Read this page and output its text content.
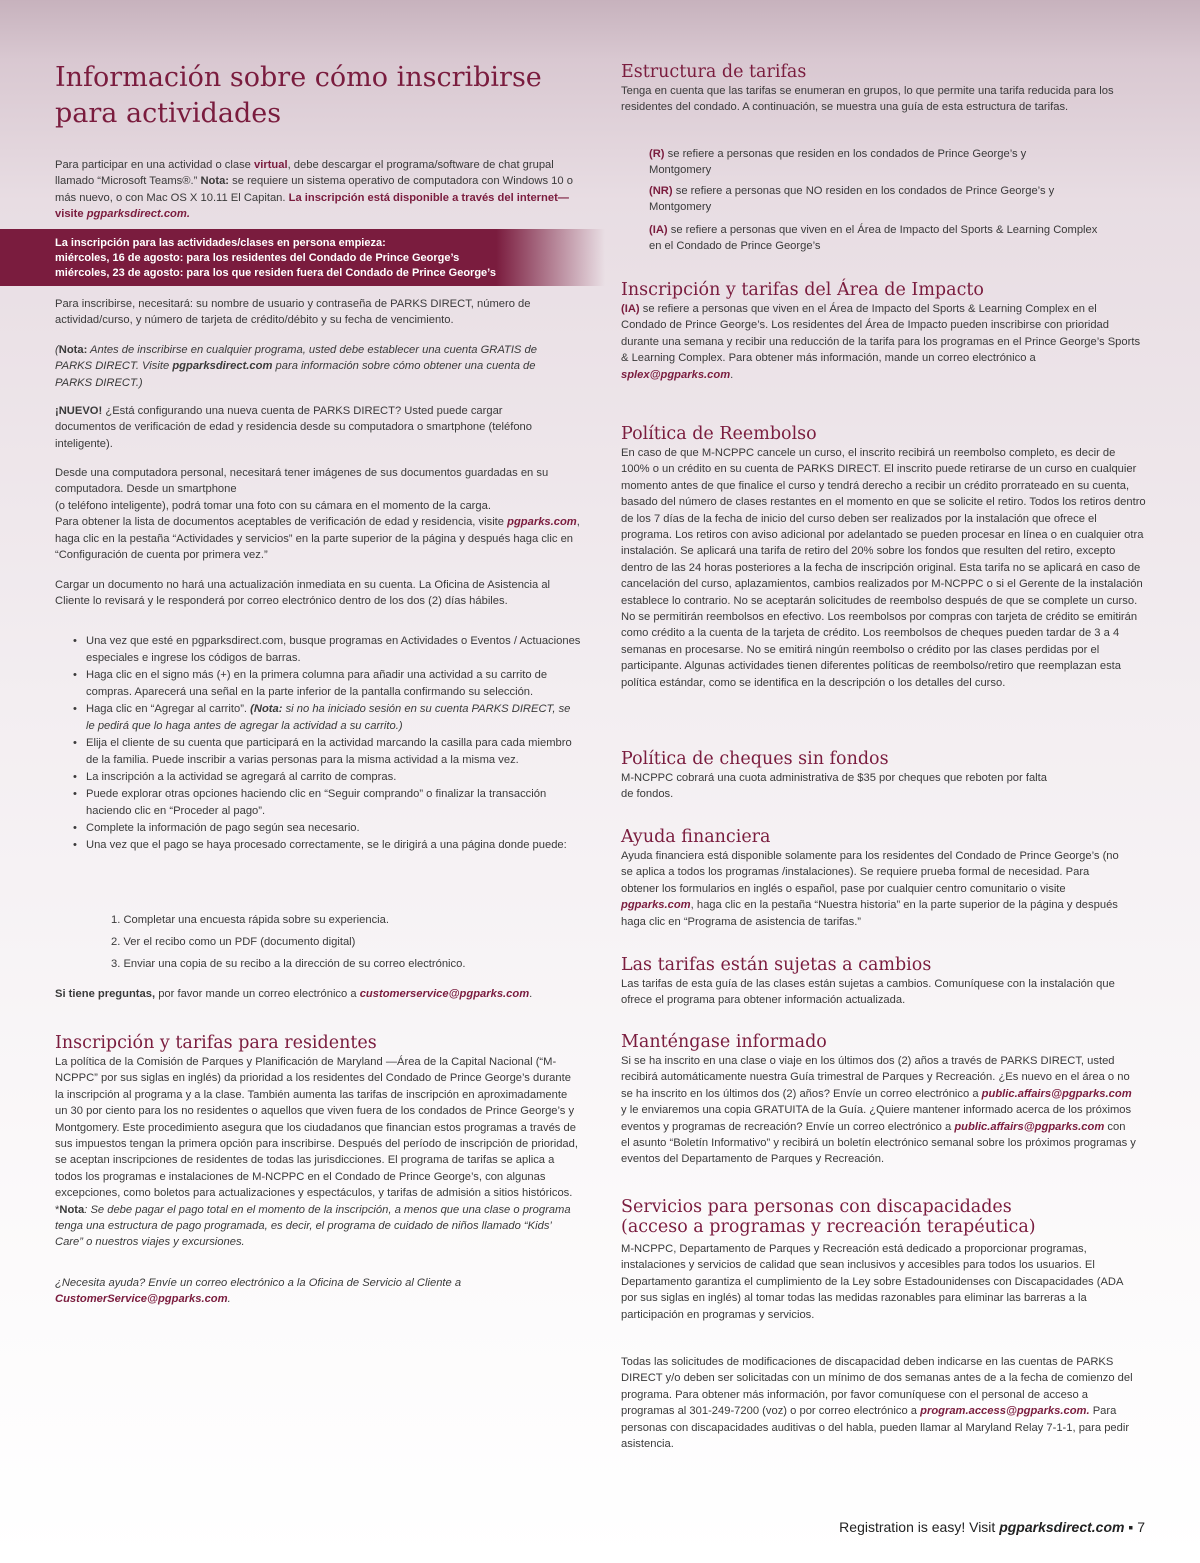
Información sobre cómo inscribirse para actividades

Para participar en una actividad o clase virtual, debe descargar el programa/software de chat grupal llamado “Microsoft Teams®.” Nota: se requiere un sistema operativo de computadora con Windows 10 o más nuevo, o con Mac OS X 10.11 El Capitan. La inscripción está disponible a través del internet—visite pgparksdirect.com.

La inscripción para las actividades/clases en persona empieza:
miércoles, 16 de agosto: para los residentes del Condado de Prince George’s
miércoles, 23 de agosto: para los que residen fuera del Condado de Prince George’s

Para inscribirse, necesitará: su nombre de usuario y contraseña de PARKS DIRECT, número de actividad/curso, y número de tarjeta de crédito/débito y su fecha de vencimiento.

(Nota: Antes de inscribirse en cualquier programa, usted debe establecer una cuenta GRATIS de PARKS DIRECT. Visite pgparksdirect.com para información sobre cómo obtener una cuenta de PARKS DIRECT.)

¡NUEVO! ¿Está configurando una nueva cuenta de PARKS DIRECT? Usted puede cargar documentos de verificación de edad y residencia desde su computadora o smartphone (teléfono inteligente).

Desde una computadora personal, necesitará tener imágenes de sus documentos guardadas en su computadora. Desde un smartphone
(o teléfono inteligente), podrá tomar una foto con su cámara en el momento de la carga.
Para obtener la lista de documentos aceptables de verificación de edad y residencia, visite pgparks.com, haga clic en la pestaña “Actividades y servicios” en la parte superior de la página y después haga clic en “Configuración de cuenta por primera vez.”

Cargar un documento no hará una actualización inmediata en su cuenta. La Oficina de Asistencia al Cliente lo revisará y le responderá por correo electrónico dentro de los dos (2) días hábiles.

• Una vez que esté en pgparksdirect.com, busque programas en Actividades o Eventos / Actuaciones especiales e ingrese los códigos de barras.
• Haga clic en el signo más (+) en la primera columna para añadir una actividad a su carrito de compras. Aparecerá una señal en la parte inferior de la pantalla confirmando su selección.
• Haga clic en “Agregar al carrito”. (Nota: si no ha iniciado sesión en su cuenta PARKS DIRECT, se le pedirá que lo haga antes de agregar la actividad a su carrito.)
• Elija el cliente de su cuenta que participará en la actividad marcando la casilla para cada miembro de la familia. Puede inscribir a varias personas para la misma actividad a la misma vez.
• La inscripción a la actividad se agregará al carrito de compras.
• Puede explorar otras opciones haciendo clic en “Seguir comprando” o finalizar la transacción haciendo clic en “Proceder al pago”.
• Complete la información de pago según sea necesario.
• Una vez que el pago se haya procesado correctamente, se le dirigirá a una página donde puede:
1. Completar una encuesta rápida sobre su experiencia.
2. Ver el recibo como un PDF (documento digital)
3. Enviar una copia de su recibo a la dirección de su correo electrónico.

Si tiene preguntas, por favor mande un correo electrónico a customerservice@pgparks.com.

Inscripción y tarifas para residentes

La política de la Comisión de Parques y Planificación de Maryland —Área de la Capital Nacional (“M-NCPPC” por sus siglas en inglés) da prioridad a los residentes del Condado de Prince George’s durante la inscripción al programa y a la clase. También aumenta las tarifas de inscripción en aproximadamente un 30 por ciento para los no residentes o aquellos que viven fuera de los condados de Prince George’s y Montgomery. Este procedimiento asegura que los ciudadanos que financian estos programas a través de sus impuestos tengan la primera opción para inscribirse. Después del período de inscripción de prioridad, se aceptan inscripciones de residentes de todas las jurisdicciones. El programa de tarifas se aplica a todos los programas e instalaciones de M-NCPPC en el Condado de Prince George’s, con algunas excepciones, como boletos para actualizaciones y espectáculos, y tarifas de admisión a sitios históricos. *Nota: Se debe pagar el pago total en el momento de la inscripción, a menos que una clase o programa tenga una estructura de pago programada, es decir, el programa de cuidado de niños llamado “Kids’ Care” o nuestros viajes y excursiones.

¿Necesita ayuda? Envíe un correo electrónico a la Oficina de Servicio al Cliente a CustomerService@pgparks.com.

Estructura de tarifas

Tenga en cuenta que las tarifas se enumeran en grupos, lo que permite una tarifa reducida para los residentes del condado. A continuación, se muestra una guía de esta estructura de tarifas.

(R) se refiere a personas que residen en los condados de Prince George’s y Montgomery

(NR) se refiere a personas que NO residen en los condados de Prince George’s y Montgomery

(IA) se refiere a personas que viven en el Área de Impacto del Sports & Learning Complex en el Condado de Prince George’s

Inscripción y tarifas del Área de Impacto

(IA) se refiere a personas que viven en el Área de Impacto del Sports & Learning Complex en el Condado de Prince George’s. Los residentes del Área de Impacto pueden inscribirse con prioridad durante una semana y recibir una reducción de la tarifa para los programas en el Prince George’s Sports & Learning Complex. Para obtener más información, mande un correo electrónico a
splex@pgparks.com.

Política de Reembolso

En caso de que M-NCPPC cancele un curso, el inscrito recibirá un reembolso completo, es decir de 100% o un crédito en su cuenta de PARKS DIRECT. El inscrito puede retirarse de un curso en cualquier momento antes de que finalice el curso y tendrá derecho a recibir un crédito prorrateado en su cuenta, basado del número de clases restantes en el momento en que se solicite el retiro. Todos los retiros dentro de los 7 días de la fecha de inicio del curso deben ser realizados por la instalación que ofrece el programa. Los retiros con aviso adicional por adelantado se pueden procesar en línea o en cualquier otra instalación. Se aplicará una tarifa de retiro del 20% sobre los fondos que resulten del retiro, excepto dentro de las 24 horas posteriores a la fecha de inscripción original. Esta tarifa no se aplicará en caso de cancelación del curso, aplazamientos, cambios realizados por M-NCPPC o si el Gerente de la instalación establece lo contrario. No se aceptarán solicitudes de reembolso después de que se complete un curso. No se permitirán reembolsos en efectivo. Los reembolsos por compras con tarjeta de crédito se emitirán como crédito a la cuenta de la tarjeta de crédito. Los reembolsos de cheques pueden tardar de 3 a 4 semanas en procesarse. No se emitirá ningún reembolso o crédito por las clases perdidas por el participante. Algunas actividades tienen diferentes políticas de reembolso/retiro que reemplazan esta política estándar, como se identifica en la descripción o los detalles del curso.

Política de cheques sin fondos

M-NCPPC cobrará una cuota administrativa de $35 por cheques que reboten por falta de fondos.

Ayuda financiera

Ayuda financiera está disponible solamente para los residentes del Condado de Prince George’s (no se aplica a todos los programas /instalaciones). Se requiere prueba formal de necesidad. Para obtener los formularios en inglés o español, pase por cualquier centro comunitario o visite pgparks.com, haga clic en la pestaña “Nuestra historia” en la parte superior de la página y después haga clic en “Programa de asistencia de tarifas.”

Las tarifas están sujetas a cambios

Las tarifas de esta guía de las clases están sujetas a cambios. Comuníquese con la instalación que ofrece el programa para obtener información actualizada.

Manténgase informado

Si se ha inscrito en una clase o viaje en los últimos dos (2) años a través de PARKS DIRECT, usted recibirá automáticamente nuestra Guía trimestral de Parques y Recreación. ¿Es nuevo en el área o no se ha inscrito en los últimos dos (2) años? Envíe un correo electrónico a public.affairs@pgparks.com y le enviaremos una copia GRATUITA de la Guía. ¿Quiere mantener informado acerca de los próximos eventos y programas de recreación? Envíe un correo electrónico a public.affairs@pgparks.com con el asunto “Boletín Informativo” y recibirá un boletín electrónico semanal sobre los próximos programas y eventos del Departamento de Parques y Recreación.

Servicios para personas con discapacidades
(acceso a programas y recreación terapéutica)

M-NCPPC, Departamento de Parques y Recreación está dedicado a proporcionar programas, instalaciones y servicios de calidad que sean inclusivos y accesibles para todos los usuarios. El Departamento garantiza el cumplimiento de la Ley sobre Estadounidenses con Discapacidades (ADA por sus siglas en inglés) al tomar todas las medidas razonables para eliminar las barreras a la participación en programas y servicios.

Todas las solicitudes de modificaciones de discapacidad deben indicarse en las cuentas de PARKS DIRECT y/o deben ser solicitadas con un mínimo de dos semanas antes de a la fecha de comienzo del programa. Para obtener más información, por favor comuníquese con el personal de acceso a programas al 301-249-7200 (voz) o por correo electrónico a program.access@pgparks.com. Para personas con discapacidades auditivas o del habla, pueden llamar al Maryland Relay 7-1-1, para pedir asistencia.

Registration is easy! Visit pgparksdirect.com ▪ 7
